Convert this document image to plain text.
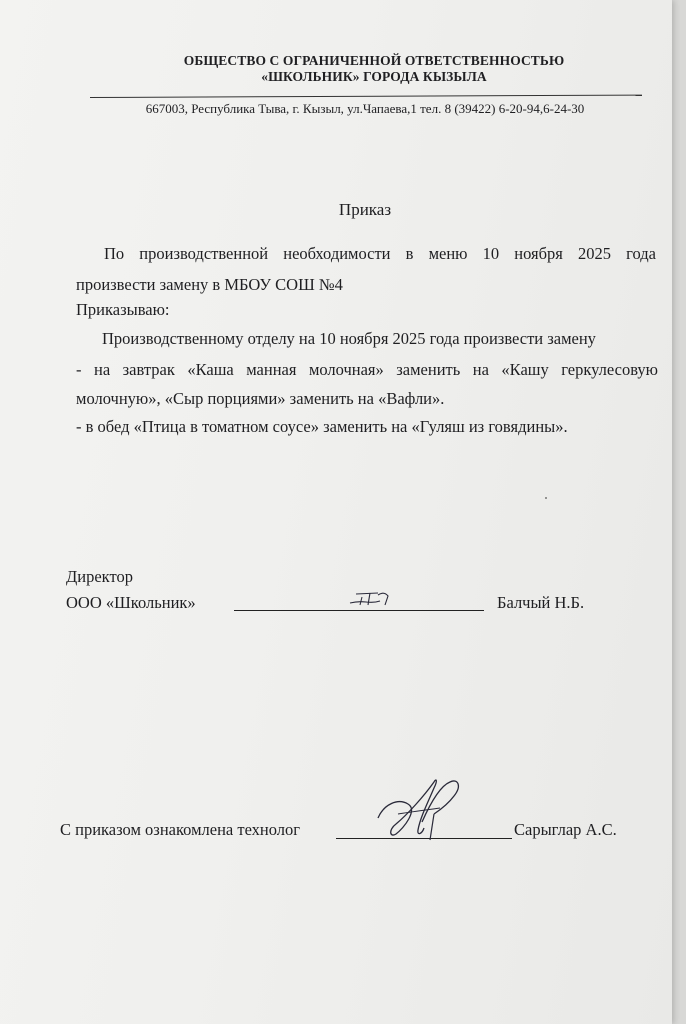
ОБЩЕСТВО С ОГРАНИЧЕННОЙ ОТВЕТСТВЕННОСТЬЮ
«ШКОЛЬНИК» ГОРОДА КЫЗЫЛА
667003, Республика Тыва, г. Кызыл, ул.Чапаева,1 тел. 8 (39422) 6-20-94,6-24-30
Приказ
По производственной необходимости в меню 10 ноября 2025 года
произвести замену в МБОУ СОШ №4
Приказываю:
Производственному отделу на 10 ноября 2025 года произвести замену
- на завтрак «Каша манная молочная» заменить на «Кашу геркулесовую
молочную», «Сыр порциями» заменить на «Вафли».
- в обед «Птица в томатном соусе» заменить на «Гуляш из говядины».
Директор
ООО «Школьник»	Балчый Н.Б.
С приказом ознакомлена технолог	Сарыглар А.С.
